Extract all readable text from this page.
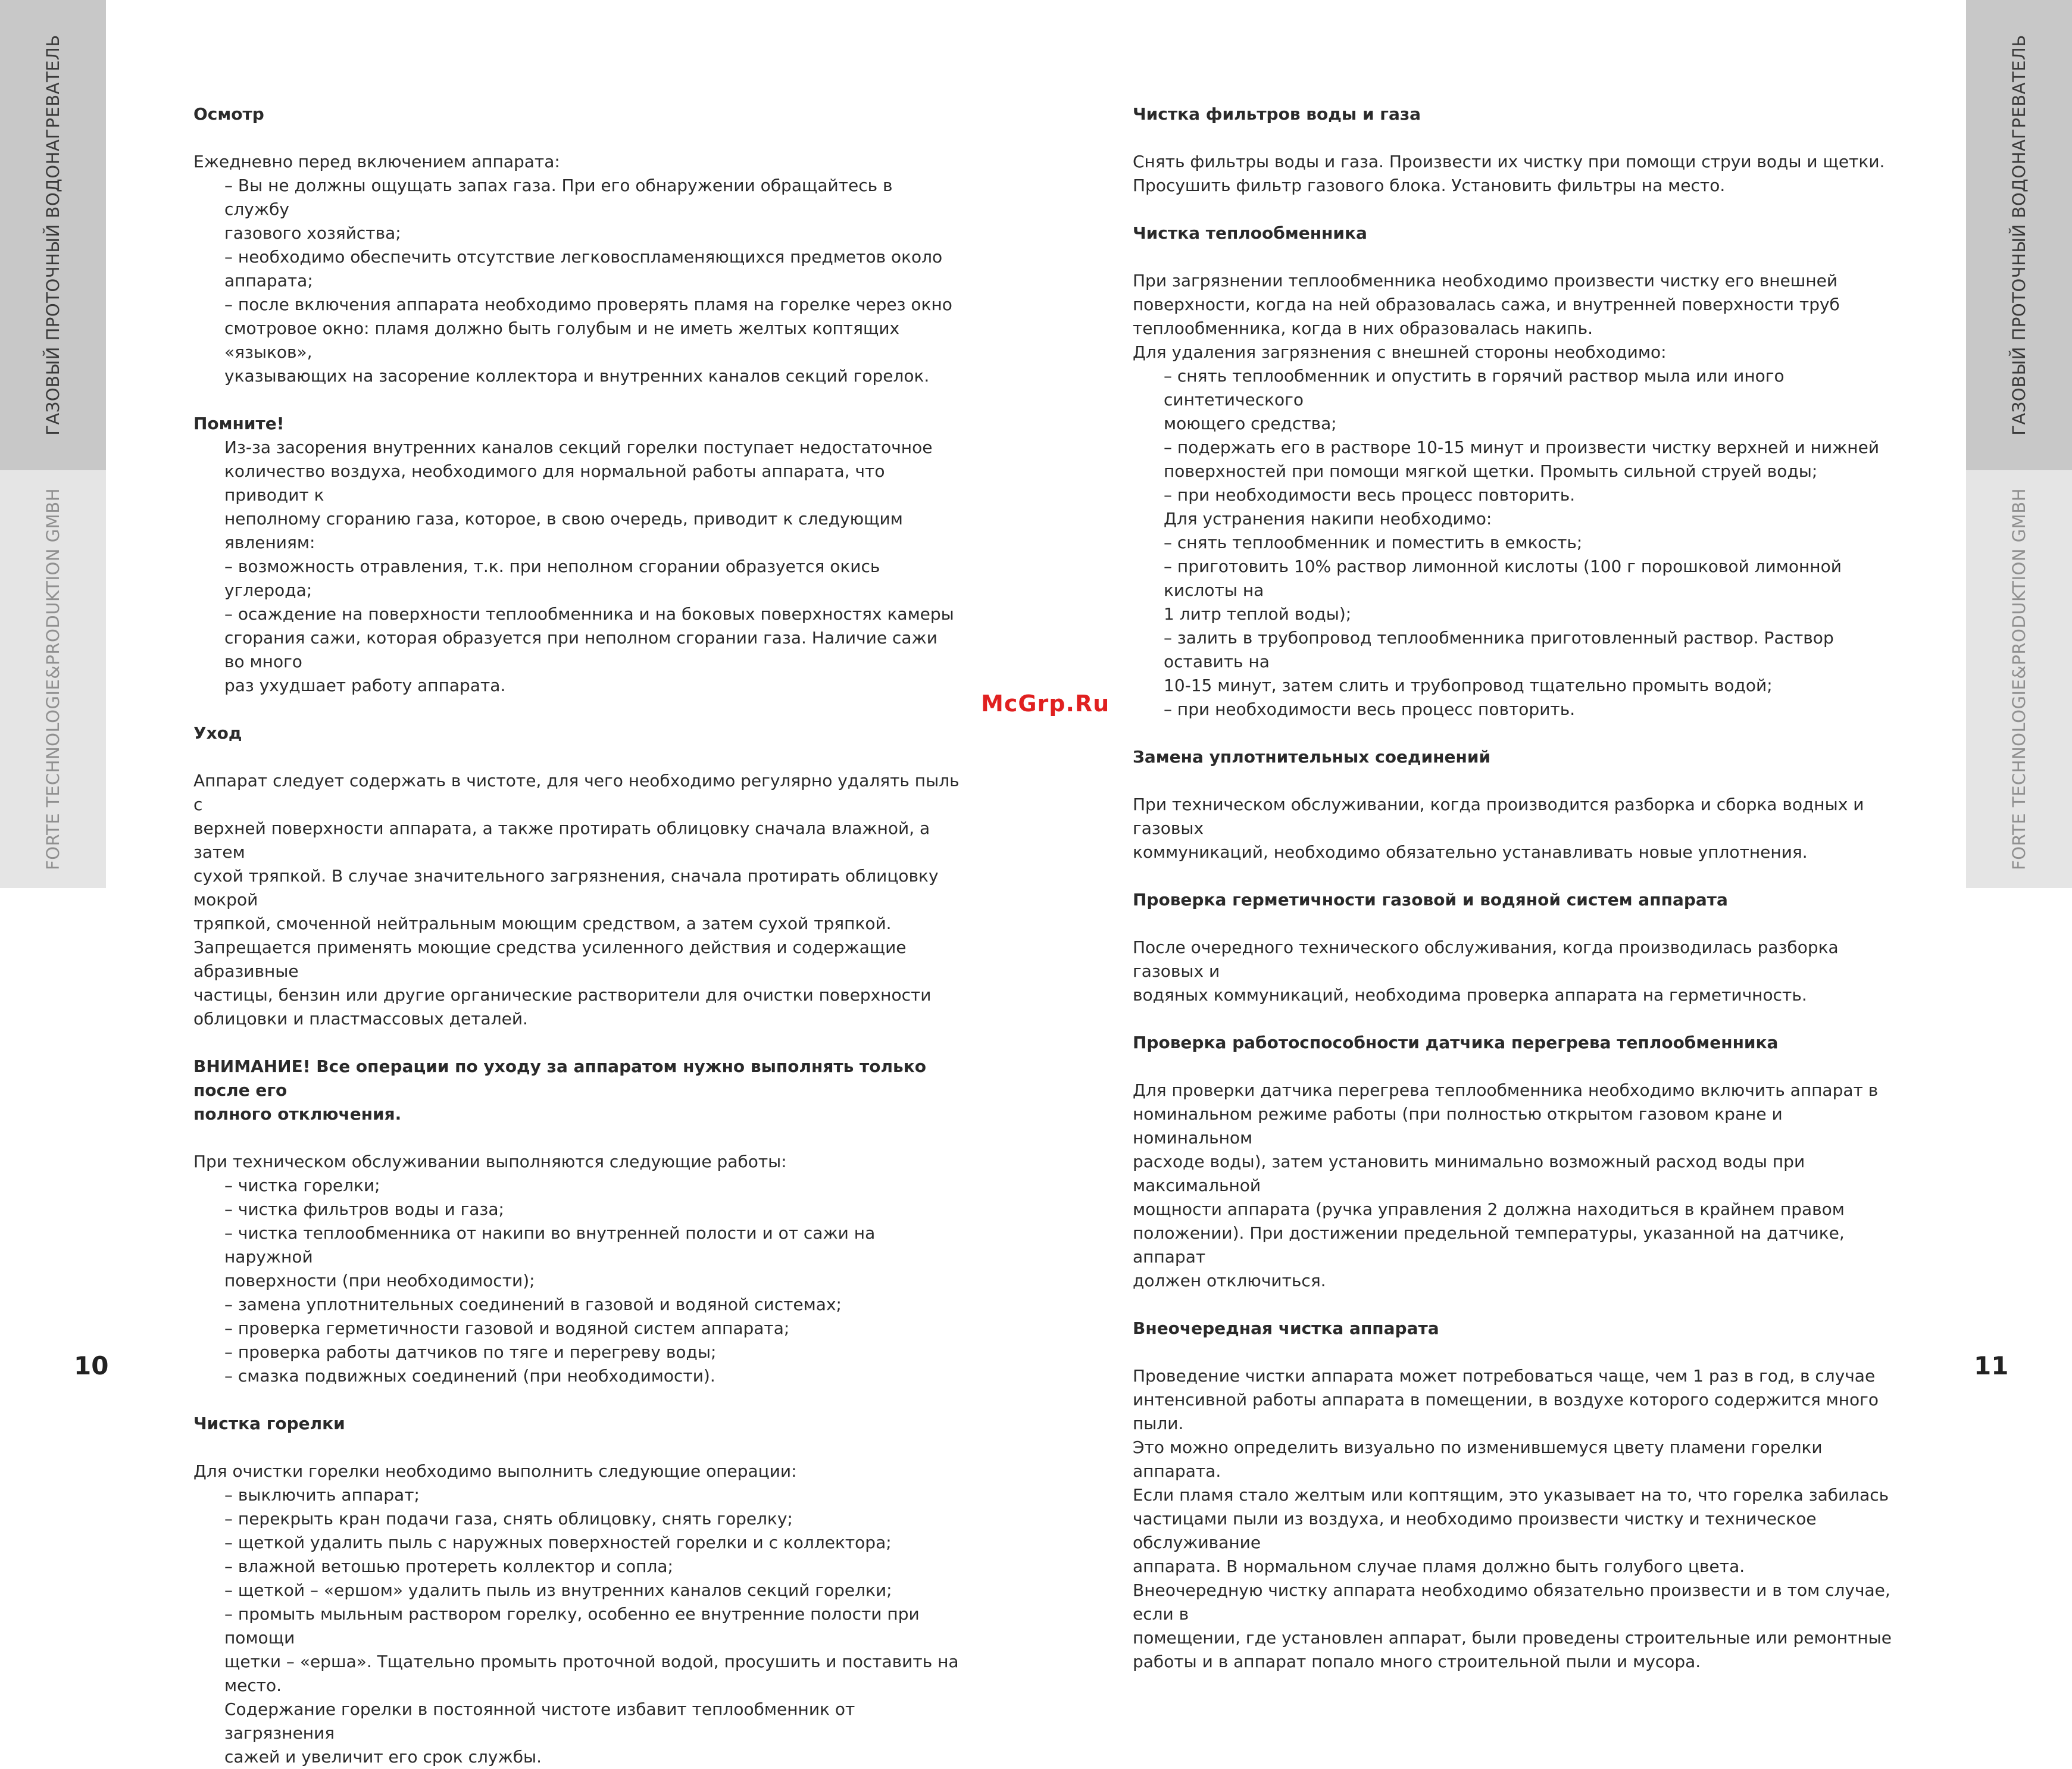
ГАЗОВЫЙ ПРОТОЧНЫЙ ВОДОНАГРЕВАТЕЛЬ
FORTE TECHNOLOGIE&PRODUKTION GMBH
ГАЗОВЫЙ ПРОТОЧНЫЙ ВОДОНАГРЕВАТЕЛЬ
FORTE TECHNOLOGIE&PRODUKTION GMBH
Осмотр
Ежедневно перед включением аппарата:
– Вы не должны ощущать запах газа. При его обнаружении обращайтесь в службу
газового хозяйства;
– необходимо обеспечить отсутствие легковоспламеняющихся предметов около
аппарата;
– после включения аппарата необходимо проверять пламя на горелке через окно
смотровое окно: пламя должно быть голубым и не иметь желтых коптящих «языков»,
указывающих на засорение коллектора и внутренних каналов секций горелок.
Помните!
Из-за засорения внутренних каналов секций горелки поступает недостаточное
количество воздуха, необходимого для нормальной работы аппарата, что приводит к
неполному сгоранию газа, которое, в свою очередь, приводит к следующим явлениям:
– возможность отравления, т.к. при неполном сгорании образуется окись углерода;
– осаждение на поверхности теплообменника и на боковых поверхностях камеры
сгорания сажи, которая образуется при неполном сгорании газа. Наличие сажи во много
раз ухудшает работу аппарата.
Уход
Аппарат следует содержать в чистоте, для чего необходимо регулярно удалять пыль с
верхней поверхности аппарата, а также протирать облицовку сначала влажной, а затем
сухой тряпкой. В случае значительного загрязнения, сначала протирать облицовку мокрой
тряпкой, смоченной нейтральным моющим средством, а затем сухой тряпкой.
Запрещается применять моющие средства усиленного действия и содержащие абразивные
частицы, бензин или другие органические растворители для очистки поверхности
облицовки и пластмассовых деталей.
ВНИМАНИЕ! Все операции по уходу за аппаратом нужно выполнять только после его
полного отключения.
При техническом обслуживании выполняются следующие работы:
– чистка горелки;
– чистка фильтров воды и газа;
– чистка теплообменника от накипи во внутренней полости и от сажи на наружной
поверхности (при необходимости);
– замена уплотнительных соединений в газовой и водяной системах;
– проверка герметичности газовой и водяной систем аппарата;
– проверка работы датчиков по тяге и перегреву воды;
– смазка подвижных соединений (при необходимости).
Чистка горелки
Для очистки горелки необходимо выполнить следующие операции:
– выключить аппарат;
– перекрыть кран подачи газа, снять облицовку, снять горелку;
– щеткой удалить пыль с наружных поверхностей горелки и с коллектора;
– влажной ветошью протереть коллектор и сопла;
– щеткой – «ершом» удалить пыль из внутренних каналов секций горелки;
– промыть мыльным раствором горелку, особенно ее внутренние полости при помощи
щетки – «ерша». Тщательно промыть проточной водой, просушить и поставить на место.
Содержание горелки в постоянной чистоте избавит теплообменник от загрязнения
сажей и увеличит его срок службы.
Чистка фильтров воды и газа
Снять фильтры воды и газа. Произвести их чистку при помощи струи воды и щетки.
Просушить фильтр газового блока. Установить фильтры на место.
Чистка теплообменника
При загрязнении теплообменника необходимо произвести чистку его внешней
поверхности, когда на ней образовалась сажа, и внутренней поверхности труб
теплообменника, когда в них образовалась накипь.
Для удаления загрязнения с внешней стороны необходимо:
– снять теплообменник и опустить в горячий раствор мыла или иного синтетического
моющего средства;
– подержать его в растворе 10-15 минут и произвести чистку верхней и нижней
поверхностей при помощи мягкой щетки. Промыть сильной струей воды;
– при необходимости весь процесс повторить.
Для устранения накипи необходимо:
– снять теплообменник и поместить в емкость;
– приготовить 10% раствор лимонной кислоты (100 г порошковой лимонной кислоты на
1 литр теплой воды);
– залить в трубопровод теплообменника приготовленный раствор. Раствор оставить на
10-15 минут, затем слить и трубопровод тщательно промыть водой;
– при необходимости весь процесс повторить.
Замена уплотнительных соединений
При техническом обслуживании, когда производится разборка и сборка водных и газовых
коммуникаций, необходимо обязательно устанавливать новые уплотнения.
Проверка герметичности газовой и водяной систем аппарата
После очередного технического обслуживания, когда производилась разборка газовых и
водяных коммуникаций, необходима проверка аппарата на герметичность.
Проверка работоспособности датчика перегрева теплообменника
Для проверки датчика перегрева теплообменника необходимо включить аппарат в
номинальном режиме работы (при полностью открытом газовом кране и номинальном
расходе воды), затем установить минимально возможный расход воды при максимальной
мощности аппарата (ручка управления 2 должна находиться в крайнем правом
положении). При достижении предельной температуры, указанной на датчике, аппарат
должен отключиться.
Внеочередная чистка аппарата
Проведение чистки аппарата может потребоваться чаще, чем 1 раз в год, в случае
интенсивной работы аппарата в помещении, в воздухе которого содержится много пыли.
Это можно определить визуально по изменившемуся цвету пламени горелки аппарата.
Если пламя стало желтым или коптящим, это указывает на то, что горелка забилась
частицами пыли из воздуха, и необходимо произвести чистку и техническое обслуживание
аппарата. В нормальном случае пламя должно быть голубого цвета.
Внеочередную чистку аппарата необходимо обязательно произвести и в том случае, если в
помещении, где установлен аппарат, были проведены строительные или ремонтные
работы и в аппарат попало много строительной пыли и мусора.
10	11
McGrp.Ru
